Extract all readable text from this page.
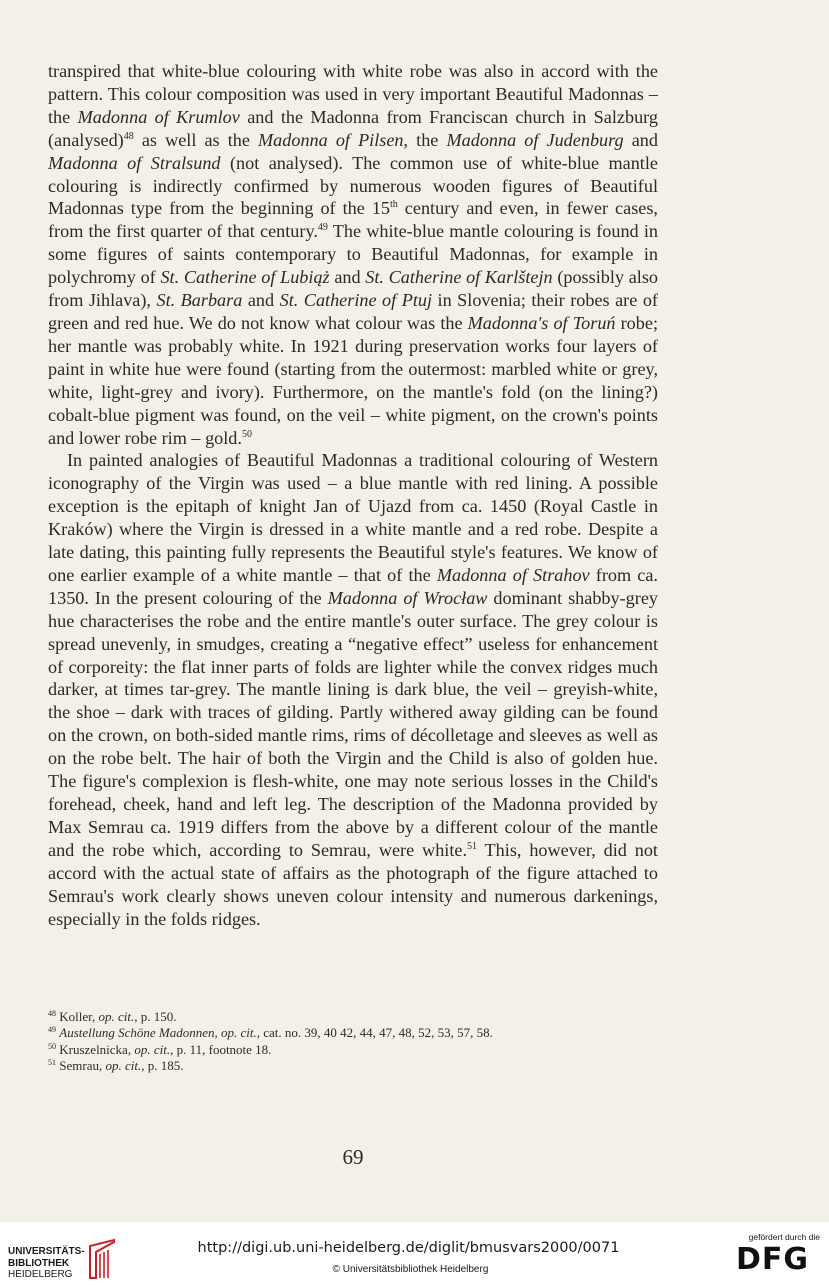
transpired that white-blue colouring with white robe was also in accord with the pattern. This colour composition was used in very important Beautiful Madonnas – the Madonna of Krumlov and the Madonna from Franciscan church in Salzburg (analysed)$^{48}$ as well as the Madonna of Pilsen, the Madonna of Judenburg and Madonna of Stralsund (not analysed). The common use of white-blue mantle colouring is indirectly confirmed by numerous wooden figures of Beautiful Madonnas type from the beginning of the 15th century and even, in fewer cases, from the first quarter of that century.$^{49}$ The white-blue mantle colouring is found in some figures of saints contemporary to Beautiful Madonnas, for example in polychromy of St. Catherine of Lubiąż and St. Catherine of Karlštejn (possibly also from Jihlava), St. Barbara and St. Catherine of Ptuj in Slovenia; their robes are of green and red hue. We do not know what colour was the Madonna's of Toruń robe; her mantle was probably white. In 1921 during preservation works four layers of paint in white hue were found (starting from the outermost: marbled white or grey, white, light-grey and ivory). Furthermore, on the mantle's fold (on the lining?) cobalt-blue pigment was found, on the veil – white pigment, on the crown's points and lower robe rim – gold.$^{50}$

In painted analogies of Beautiful Madonnas a traditional colouring of Western iconography of the Virgin was used – a blue mantle with red lining. A possible exception is the epitaph of knight Jan of Ujazd from ca. 1450 (Royal Castle in Kraków) where the Virgin is dressed in a white mantle and a red robe. Despite a late dating, this painting fully represents the Beautiful style's features. We know of one earlier example of a white mantle – that of the Madonna of Strahov from ca. 1350. In the present colouring of the Madonna of Wrocław dominant shabby-grey hue characterises the robe and the entire mantle's outer surface. The grey colour is spread unevenly, in smudges, creating a “negative effect” useless for enhancement of corporeity: the flat inner parts of folds are lighter while the convex ridges much darker, at times tar-grey. The mantle lining is dark blue, the veil – greyish-white, the shoe – dark with traces of gilding. Partly withered away gilding can be found on the crown, on both-sided mantle rims, rims of décolletage and sleeves as well as on the robe belt. The hair of both the Virgin and the Child is also of golden hue. The figure's complexion is flesh-white, one may note serious losses in the Child's forehead, cheek, hand and left leg. The description of the Madonna provided by Max Semrau ca. 1919 differs from the above by a different colour of the mantle and the robe which, according to Semrau, were white.$^{51}$ This, however, did not accord with the actual state of affairs as the photograph of the figure attached to Semrau's work clearly shows uneven colour intensity and numerous darkenings, especially in the folds ridges.

$^{48}$ Koller, op. cit., p. 150.
$^{49}$ Austellung Schöne Madonnen, op. cit., cat. no. 39, 40 42, 44, 47, 48, 52, 53, 57, 58.
$^{50}$ Kruszelnicka, op. cit., p. 11, footnote 18.
$^{51}$ Semrau, op. cit., p. 185.
69
UNIVERSITÄTS-
BIBLIOTHEK
HEIDELBERG
http://digi.ub.uni-heidelberg.de/diglit/bmusvars2000/0071
© Universitätsbibliothek Heidelberg
gefördert durch die
DFG
